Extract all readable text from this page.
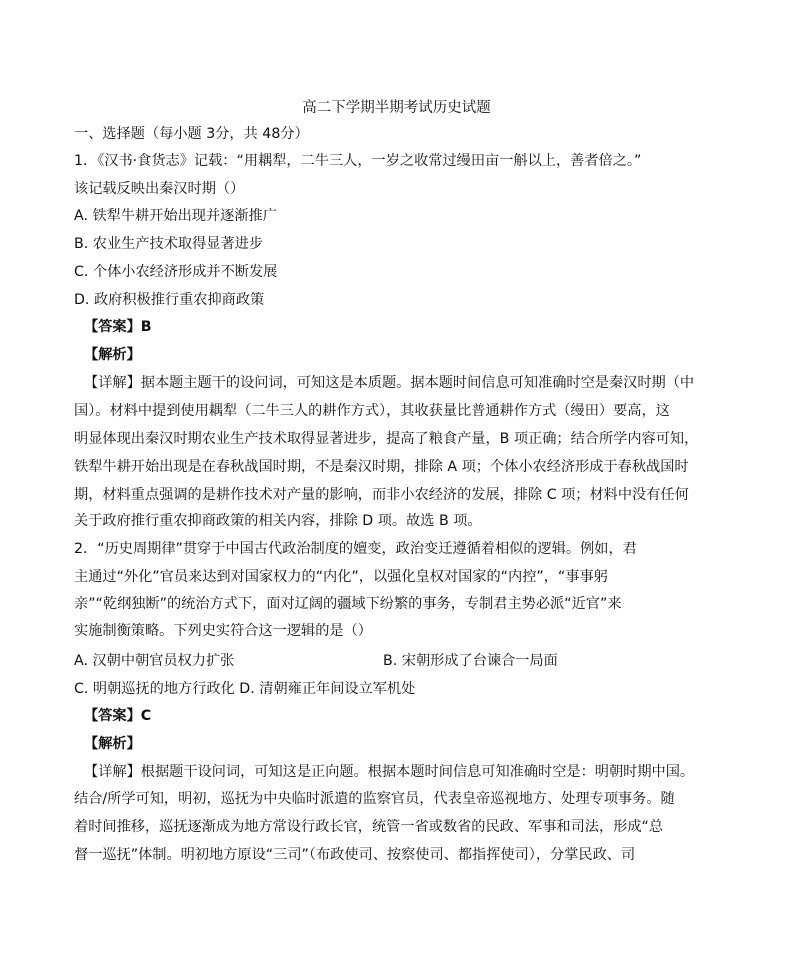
高二下学期半期考试历史试题
一、选择题（每小题 3分，共 48分）
1．《汉书·食货志》记载：“用耦犁，二牛三人，一岁之收常过缦田亩一斛以上，善者倍之。”
该记载反映出秦汉时期（）
A. 铁犁牛耕开始出现并逐渐推广
B. 农业生产技术取得显著进步
C. 个体小农经济形成并不断发展
D. 政府积极推行重农抑商政策
【答案】B
【解析】
【详解】据本题主题干的设问词，可知这是本质题。据本题时间信息可知准确时空是秦汉时期（中
国）。材料中提到使用耦犁（二牛三人的耕作方式），其收获量比普通耕作方式（缦田）要高，这
明显体现出秦汉时期农业生产技术取得显著进步，提高了粮食产量，B 项正确；结合所学内容可知，
铁犁牛耕开始出现是在春秋战国时期，不是秦汉时期，排除 A 项；个体小农经济形成于春秋战国时
期，材料重点强调的是耕作技术对产量的影响，而非小农经济的发展，排除 C 项；材料中没有任何
关于政府推行重农抑商政策的相关内容，排除 D 项。故选 B 项。
2．“历史周期律”贯穿于中国古代政治制度的嬗变，政治变迁遵循着相似的逻辑。例如，君
主通过“外化”官员来达到对国家权力的“内化”，以强化皇权对国家的“内控”，“事事躬
亲”“乾纲独断”的统治方式下，面对辽阔的疆域下纷繁的事务，专制君主势必派“近官”来
实施制衡策略。下列史实符合这一逻辑的是（）
A. 汉朝中朝官员权力扩张	B. 宋朝形成了台谏合一局面
C. 明朝巡抚的地方行政化 D. 清朝雍正年间设立军机处
【答案】C
【解析】
【详解】根据题干设问词，可知这是正向题。根据本题时间信息可知准确时空是：明朝时期中国。
结合/所学可知，明初，巡抚为中央临时派遣的监察官员，代表皇帝巡视地方、处理专项事务。随
着时间推移，巡抚逐渐成为地方常设行政长官，统管一省或数省的民政、军事和司法，形成“总
督一巡抚”体制。明初地方原设“三司”（布政使司、按察使司、都指挥使司），分掌民政、司
